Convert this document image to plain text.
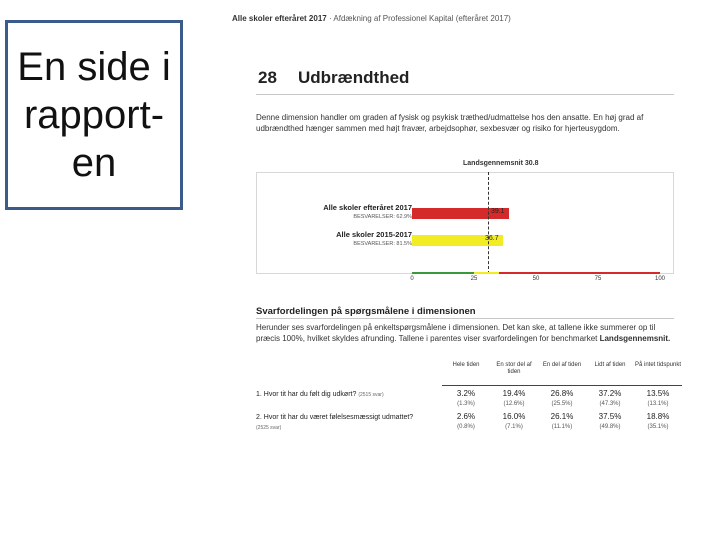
En side i rapport-
en
Alle skoler efteråret 2017 · Afdækning af Professionel Kapital (efteråret 2017)
28 Udbrændthed
Denne dimension handler om graden af fysisk og psykisk træthed/udmattelse hos den ansatte. En høj grad af udbrændthed hænger sammen med højt fravær, arbejdsophør, sexbesvær og risiko for hjerteusygdom.
Landsgennemsnit 30.8
Alle skoler efteråret 2017
BESVARELSER: 62.9%
Alle skoler 2015-2017
BESVARELSER: 81.5%
39.1
36.7
0	25	50	75	100
Svarfordelingen på spørgsmålene i dimensionen
Herunder ses svarfordelingen på enkeltspørgsmålene i dimensionen. Det kan ske, at tallene ikke summerer op til præcis 100%, hvilket skyldes afrunding. Tallene i parentes viser svarfordelingen for benchmarket Landsgennemsnit.
Hele tiden	En stor del af tiden
En del af tiden	Lidt af tiden	På intet tidspunkt
1. Hvor tit har du følt dig udkørt? (2515 svar)	3.2%	19.4%	26.8%	37.2%	13.5%
(1.3%)	(12.6%)	(25.5%)	(47.3%)	(13.1%)
2. Hvor tit har du været følelsesmæssigt udmattet?
(2525 svar)
2.6%	16.0%	26.1%	37.5%	18.8%
(0.8%)	(7.1%)	(11.1%)	(49.8%)	(35.1%)
